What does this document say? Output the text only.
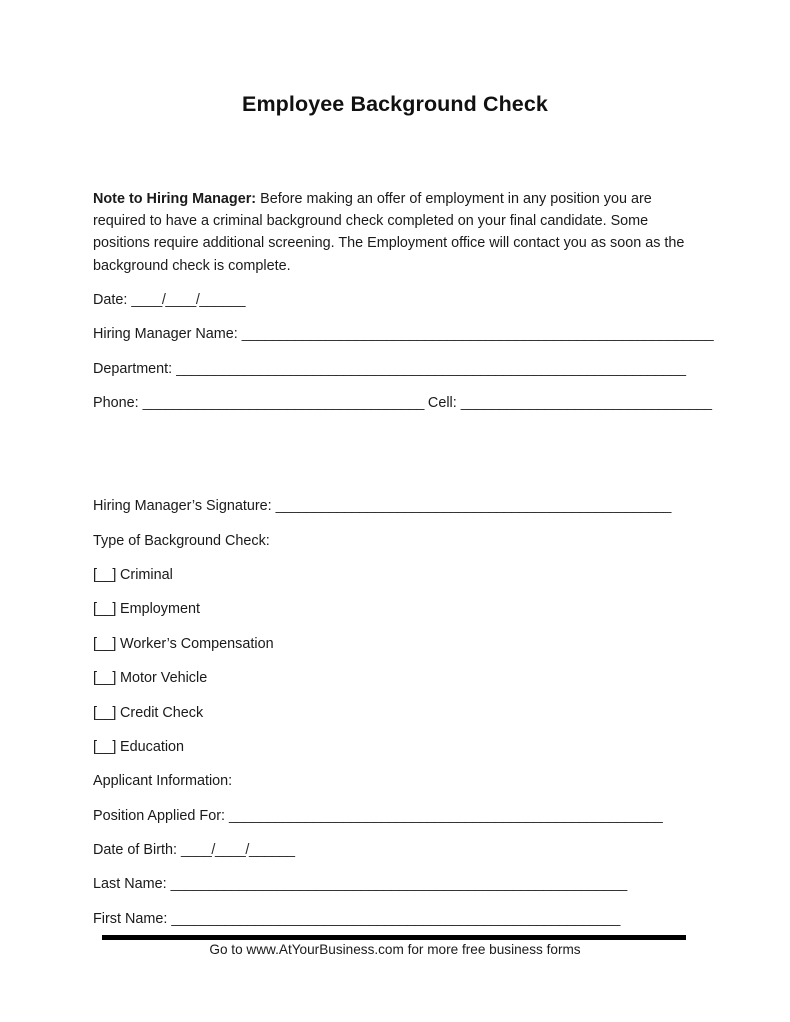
Employee Background Check

Note to Hiring Manager: Before making an offer of employment in any position you are required to have a criminal background check completed on your final candidate. Some positions require additional screening. The Employment office will contact you as soon as the background check is complete.

Date: ____/____/______
Hiring Manager Name: ______________________________________________________________
Department: ___________________________________________________________________
Phone: _____________________________________ Cell: _________________________________
Hiring Manager’s Signature: ____________________________________________________
Type of Background Check:
[__] Criminal
[__] Employment
[__] Worker’s Compensation
[__] Motor Vehicle
[__] Credit Check
[__] Education
Applicant Information:
Position Applied For: _________________________________________________________
Date of Birth: ____/____/______
Last Name: ____________________________________________________________
First Name: ___________________________________________________________
Go to www.AtYourBusiness.com for more free business forms
